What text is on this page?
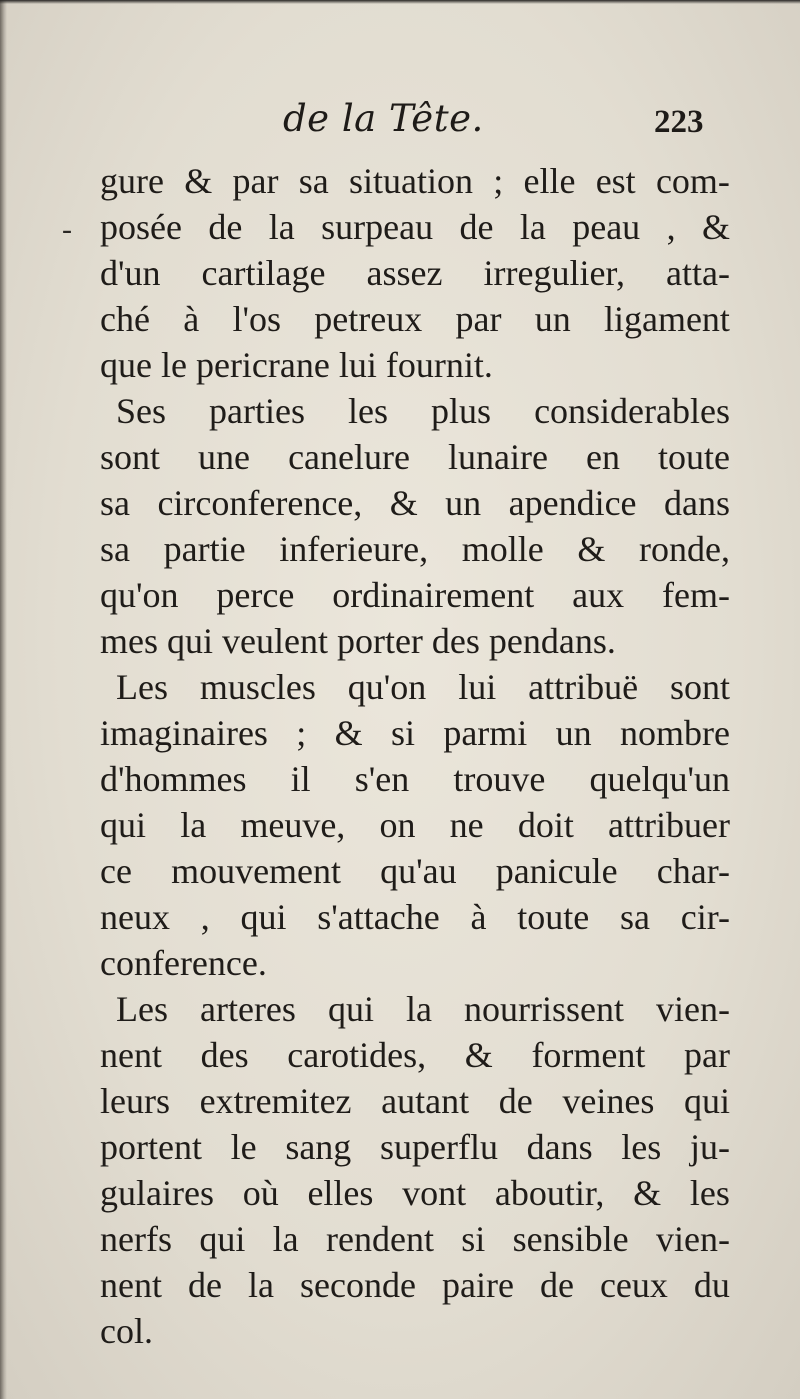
de la Tête.	223
-
gure & par sa situation ; elle est com-
posée de la surpeau de la peau , &
d'un cartilage assez irregulier, atta-
ché à l'os petreux par un ligament
que le pericrane lui fournit.
Ses parties les plus considerables
sont une canelure lunaire en toute
sa circonference, & un apendice dans
sa partie inferieure, molle & ronde,
qu'on perce ordinairement aux fem-
mes qui veulent porter des pendans.
Les muscles qu'on lui attribuë sont
imaginaires ; & si parmi un nombre
d'hommes il s'en trouve quelqu'un
qui la meuve, on ne doit attribuer
ce mouvement qu'au panicule char-
neux , qui s'attache à toute sa cir-
conference.
Les arteres qui la nourrissent vien-
nent des carotides, & forment par
leurs extremitez autant de veines qui
portent le sang superflu dans les ju-
gulaires où elles vont aboutir, & les
nerfs qui la rendent si sensible vien-
nent de la seconde paire de ceux du
col.
